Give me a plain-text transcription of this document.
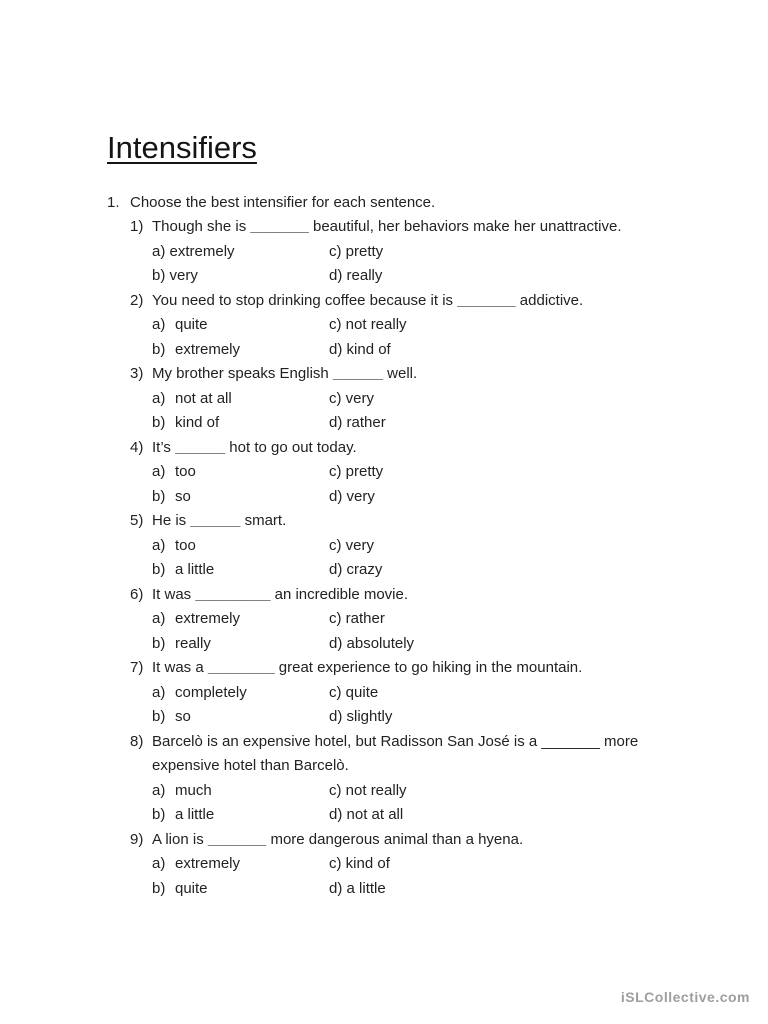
Intensifiers
1. Choose the best intensifier for each sentence.
1) Though she is _______ beautiful, her behaviors make her unattractive.
a) extremely	c) pretty
b) very	d) really
2) You need to stop drinking coffee because it is _______ addictive.
a) quite	c) not really
b) extremely	d) kind of
3) My brother speaks English ______ well.
a) not at all	c) very
b) kind of	d) rather
4) It’s ______ hot to go out today.
a) too	c) pretty
b) so	d) very
5) He is ______ smart.
a) too	c) very
b) a little	d) crazy
6) It was _________ an incredible movie.
a) extremely	c) rather
b) really	d) absolutely
7) It was a ________ great experience to go hiking in the mountain.
a) completely	c) quite
b) so	d) slightly
8) Barcelò is an expensive hotel, but Radisson San José is a _______ more
expensive hotel than Barcelò.
a) much	c) not really
b) a little	d) not at all
9) A lion is _______ more dangerous animal than a hyena.
a) extremely	c) kind of
b) quite	d) a little
iSLCollective.com
